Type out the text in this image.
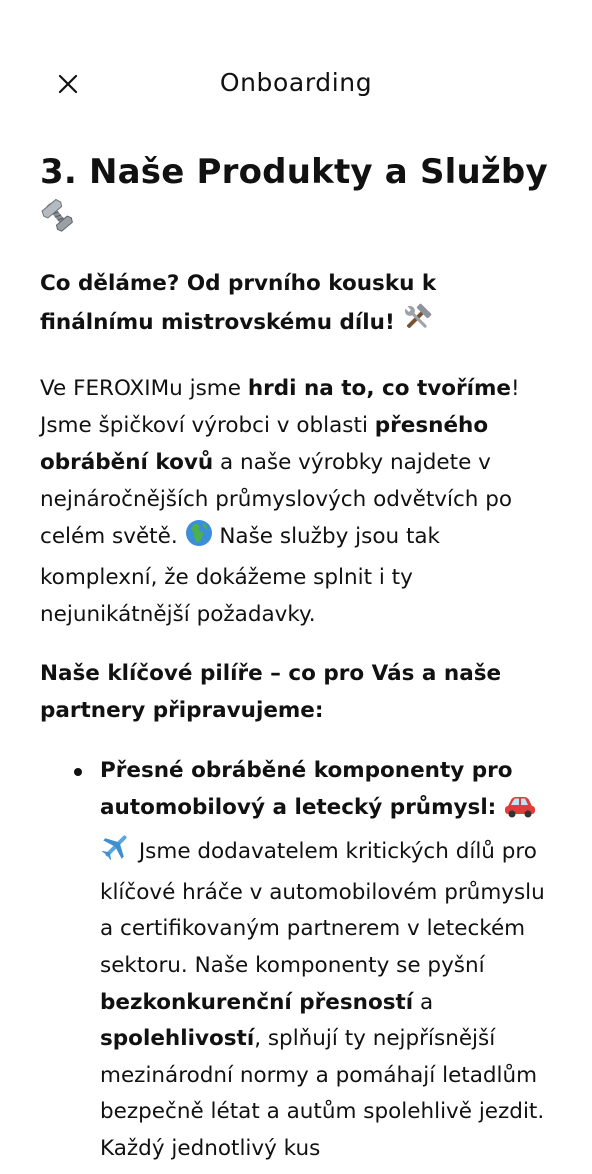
Onboarding
3. Naše Produkty a Služby

Co děláme? Od prvního kousku k finálnímu mistrovskému dílu!

Ve FEROXIMu jsme hrdi na to, co tvoříme! Jsme špičkoví výrobci v oblasti přesného obrábění kovů a naše výrobky najdete v nejnáročnějších průmyslových odvětvích po celém světě.  Naše služby jsou tak komplexní, že dokážeme splnit i ty nejunikátnější požadavky.

Naše klíčové pilíře – co pro Vás a naše partnery připravujeme:

Přesné obráběné komponenty pro automobilový a letecký průmysl:   Jsme dodavatelem kritických dílů pro klíčové hráče v automobilovém průmyslu a certifikovaným partnerem v leteckém sektoru. Naše komponenty se pyšní bezkonkurenční přesností a spolehlivostí, splňují ty nejpřísnější mezinárodní normy a pomáhají letadlům bezpečně létat a autům spolehlivě jezdit. Každý jednotlivý kus
